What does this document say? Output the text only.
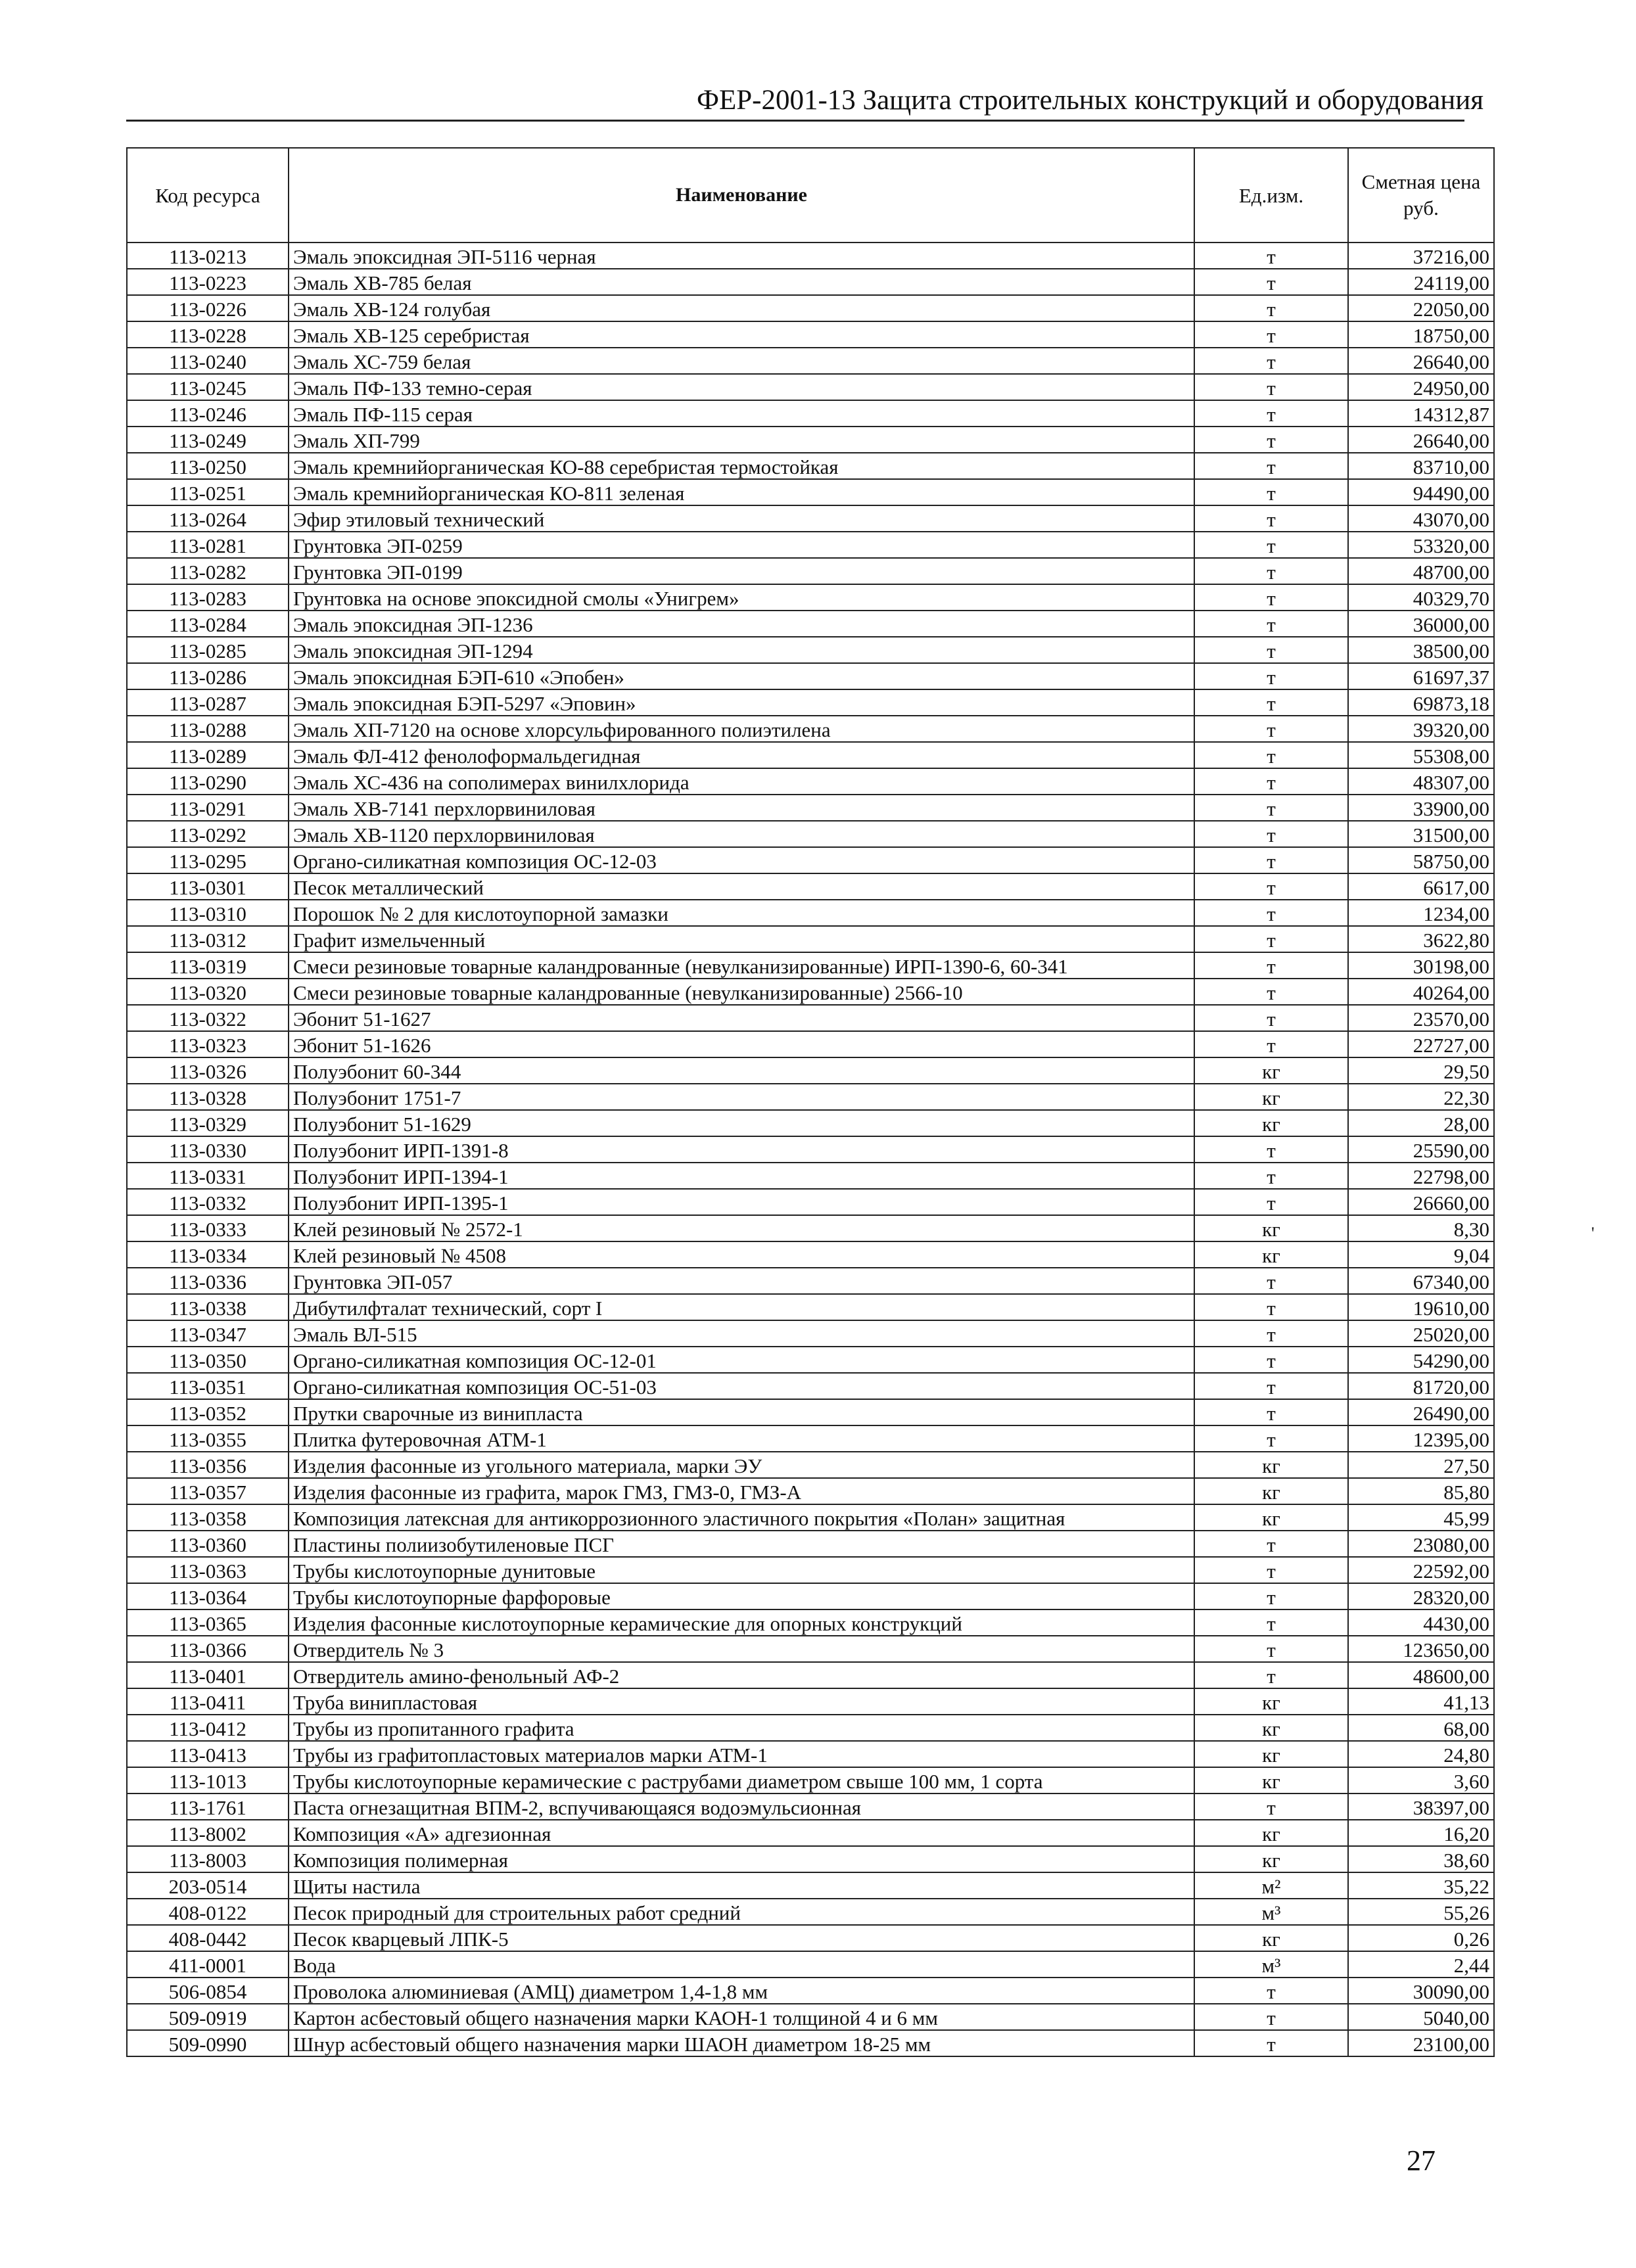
ФЕР-2001-13 Защита строительных конструкций и оборудования
Код ресурса	Наименование	Ед.изм.	Сметная цена руб.
113-0213	Эмаль эпоксидная ЭП-5116 черная	т	37216,00
113-0223	Эмаль ХВ-785 белая	т	24119,00
113-0226	Эмаль ХВ-124 голубая	т	22050,00
113-0228	Эмаль ХВ-125 серебристая	т	18750,00
113-0240	Эмаль ХС-759 белая	т	26640,00
113-0245	Эмаль ПФ-133 темно-серая	т	24950,00
113-0246	Эмаль ПФ-115 серая	т	14312,87
113-0249	Эмаль ХП-799	т	26640,00
113-0250	Эмаль кремнийорганическая КО-88 серебристая термостойкая	т	83710,00
113-0251	Эмаль кремнийорганическая КО-811 зеленая	т	94490,00
113-0264	Эфир этиловый технический	т	43070,00
113-0281	Грунтовка ЭП-0259	т	53320,00
113-0282	Грунтовка ЭП-0199	т	48700,00
113-0283	Грунтовка на основе эпоксидной смолы «Унигрем»	т	40329,70
113-0284	Эмаль эпоксидная ЭП-1236	т	36000,00
113-0285	Эмаль эпоксидная ЭП-1294	т	38500,00
113-0286	Эмаль эпоксидная БЭП-610 «Эпобен»	т	61697,37
113-0287	Эмаль эпоксидная БЭП-5297 «Эповин»	т	69873,18
113-0288	Эмаль ХП-7120 на основе хлорсульфированного полиэтилена	т	39320,00
113-0289	Эмаль ФЛ-412 фенолоформальдегидная	т	55308,00
113-0290	Эмаль ХС-436 на сополимерах винилхлорида	т	48307,00
113-0291	Эмаль ХВ-7141 перхлорвиниловая	т	33900,00
113-0292	Эмаль ХВ-1120 перхлорвиниловая	т	31500,00
113-0295	Органо-силикатная композиция ОС-12-03	т	58750,00
113-0301	Песок металлический	т	6617,00
113-0310	Порошок № 2 для кислотоупорной замазки	т	1234,00
113-0312	Графит измельченный	т	3622,80
113-0319	Смеси резиновые товарные каландрованные (невулканизированные) ИРП-1390-6, 60-341	т	30198,00
113-0320	Смеси резиновые товарные каландрованные (невулканизированные) 2566-10	т	40264,00
113-0322	Эбонит 51-1627	т	23570,00
113-0323	Эбонит 51-1626	т	22727,00
113-0326	Полуэбонит 60-344	кг	29,50
113-0328	Полуэбонит 1751-7	кг	22,30
113-0329	Полуэбонит 51-1629	кг	28,00
113-0330	Полуэбонит ИРП-1391-8	т	25590,00
113-0331	Полуэбонит ИРП-1394-1	т	22798,00
113-0332	Полуэбонит ИРП-1395-1	т	26660,00
113-0333	Клей резиновый № 2572-1	кг	8,30
113-0334	Клей резиновый № 4508	кг	9,04
113-0336	Грунтовка ЭП-057	т	67340,00
113-0338	Дибутилфталат технический, сорт I	т	19610,00
113-0347	Эмаль ВЛ-515	т	25020,00
113-0350	Органо-силикатная композиция ОС-12-01	т	54290,00
113-0351	Органо-силикатная композиция ОС-51-03	т	81720,00
113-0352	Прутки сварочные из винипласта	т	26490,00
113-0355	Плитка футеровочная АТМ-1	т	12395,00
113-0356	Изделия фасонные из угольного материала, марки ЭУ	кг	27,50
113-0357	Изделия фасонные из графита, марок ГМЗ, ГМЗ-0, ГМЗ-А	кг	85,80
113-0358	Композиция латексная для антикоррозионного эластичного покрытия «Полан» защитная	кг	45,99
113-0360	Пластины полиизобутиленовые ПСГ	т	23080,00
113-0363	Трубы кислотоупорные дунитовые	т	22592,00
113-0364	Трубы кислотоупорные фарфоровые	т	28320,00
113-0365	Изделия фасонные кислотоупорные керамические для опорных конструкций	т	4430,00
113-0366	Отвердитель № 3	т	123650,00
113-0401	Отвердитель амино-фенольный АФ-2	т	48600,00
113-0411	Труба винипластовая	кг	41,13
113-0412	Трубы из пропитанного графита	кг	68,00
113-0413	Трубы из графитопластовых материалов марки АТМ-1	кг	24,80
113-1013	Трубы кислотоупорные керамические с раструбами диаметром свыше 100 мм, 1 сорта	кг	3,60
113-1761	Паста огнезащитная ВПМ-2, вспучивающаяся водоэмульсионная	т	38397,00
113-8002	Композиция «А» адгезионная	кг	16,20
113-8003	Композиция полимерная	кг	38,60
203-0514	Щиты настила	м²	35,22
408-0122	Песок природный для строительных работ средний	м³	55,26
408-0442	Песок кварцевый ЛПК-5	кг	0,26
411-0001	Вода	м³	2,44
506-0854	Проволока алюминиевая (АМЦ) диаметром 1,4-1,8 мм	т	30090,00
509-0919	Картон асбестовый общего назначения марки КАОН-1 толщиной 4 и 6 мм	т	5040,00
509-0990	Шнур асбестовый общего назначения марки ШАОН диаметром 18-25 мм	т	23100,00
27
'
